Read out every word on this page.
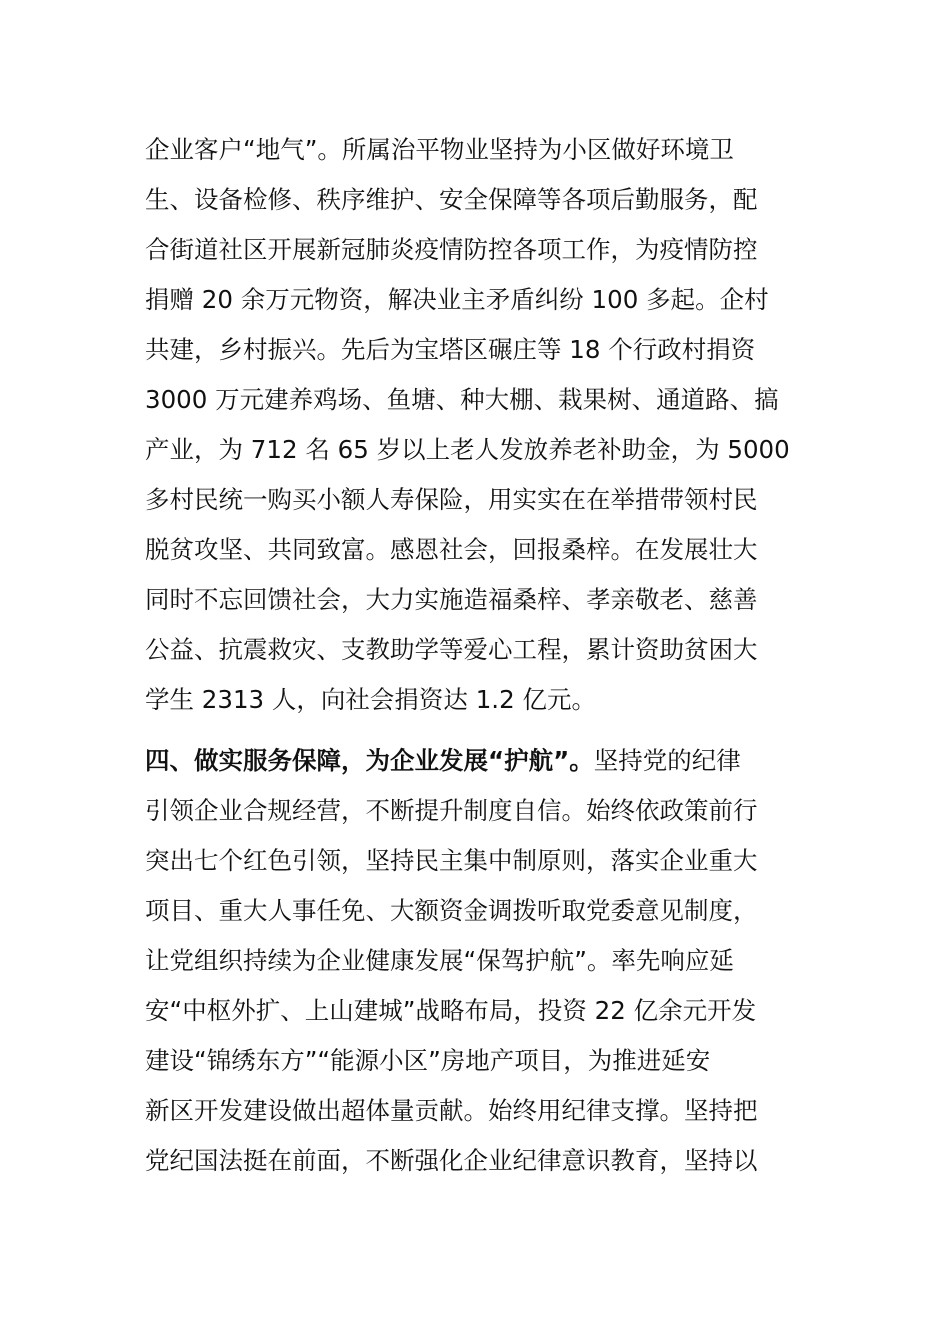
企业客户“地气”。所属治平物业坚持为小区做好环境卫
生、设备检修、秩序维护、安全保障等各项后勤服务，配
合街道社区开展新冠肺炎疫情防控各项工作，为疫情防控
捐赠 20 余万元物资，解决业主矛盾纠纷 100 多起。企村
共建，乡村振兴。先后为宝塔区碾庄等 18 个行政村捐资
3000 万元建养鸡场、鱼塘、种大棚、栽果树、通道路、搞
产业，为 712 名 65 岁以上老人发放养老补助金，为 5000
多村民统一购买小额人寿保险，用实实在在举措带领村民
脱贫攻坚、共同致富。感恩社会，回报桑梓。在发展壮大
同时不忘回馈社会，大力实施造福桑梓、孝亲敬老、慈善
公益、抗震救灾、支教助学等爱心工程，累计资助贫困大
学生 2313 人，向社会捐资达 1.2 亿元。
四、做实服务保障，为企业发展“护航”。坚持党的纪律
引领企业合规经营，不断提升制度自信。始终依政策前行
突出七个红色引领，坚持民主集中制原则，落实企业重大
项目、重大人事任免、大额资金调拨听取党委意见制度，
让党组织持续为企业健康发展“保驾护航”。率先响应延
安“中枢外扩、上山建城”战略布局，投资 22 亿余元开发
建设“锦绣东方”“能源小区”房地产项目，为推进延安
新区开发建设做出超体量贡献。始终用纪律支撑。坚持把
党纪国法挺在前面，不断强化企业纪律意识教育，坚持以
